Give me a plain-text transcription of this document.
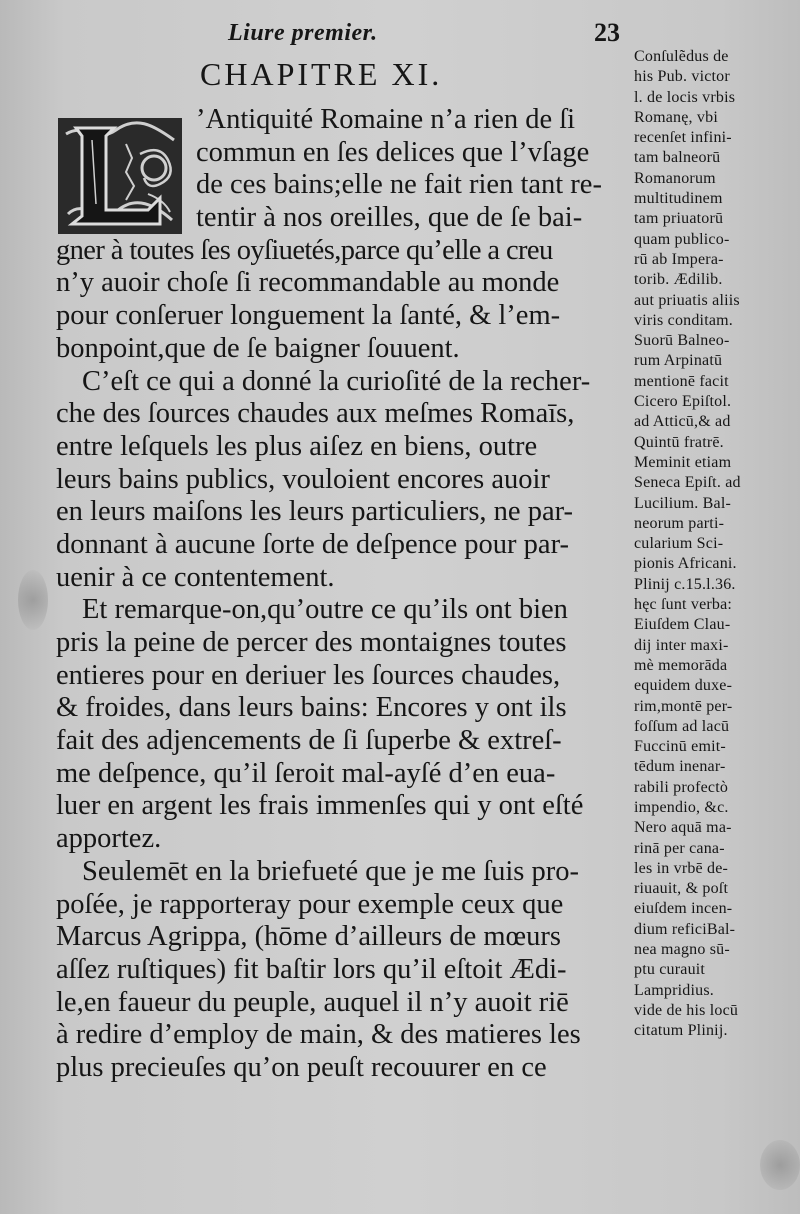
Liure premier.	23
CHAPITRE XI.
’Antiquité Romaine n’a rien de ſi
commun en ſes delices que l’vſage
de ces bains;elle ne fait rien tant re-
tentir à nos oreilles, que de ſe bai-
gner à toutes ſes oyſiuetés,parce qu’elle a creu
n’y auoir choſe ſi recommandable au monde
pour conſeruer longuement la ſanté, & l’em-
bonpoint,que de ſe baigner ſouuent.
C’eſt ce qui a donné la curioſité de la recher-
che des ſources chaudes aux meſmes Romaīs,
entre leſquels les plus aiſez en biens, outre
leurs bains publics, vouloient encores auoir
en leurs maiſons les leurs particuliers, ne par-
donnant à aucune ſorte de deſpence pour par-
uenir à ce contentement.
Et remarque-on,qu’outre ce qu’ils ont bien
pris la peine de percer des montaignes toutes
entieres pour en deriuer les ſources chaudes,
& froides, dans leurs bains: Encores y ont ils
fait des adjencements de ſi ſuperbe & extreſ-
me deſpence, qu’il ſeroit mal-ayſé d’en eua-
luer en argent les frais immenſes qui y ont eſté
apportez.
Seulemēt en la briefueté que je me ſuis pro-
poſée, je rapporteray pour exemple ceux que
Marcus Agrippa, (hōme d’ailleurs de mœurs
aſſez ruſtiques) fit baſtir lors qu’il eſtoit Ædi-
le,en faueur du peuple, auquel il n’y auoit riē
à redire d’employ de main, & des matieres les
plus precieuſes qu’on peuſt recouurer en ce
Conſulẽdus de
his Pub. victor
l. de locis vrbis
Romanę, vbi
recenſet infini-
tam balneorū
Romanorum
multitudinem
tam priuatorū
quam publico-
rū ab Impera-
torib. Ædilib.
aut priuatis aliis
viris conditam.
Suorū Balneo-
rum Arpinatū
mentionē facit
Cicero Epiſtol.
ad Atticū,& ad
Quintū fratrē.
Meminit etiam
Seneca Epiſt. ad
Lucilium. Bal-
neorum parti-
cularium Sci-
pionis Africani.
Plinij c.15.l.36.
hęc ſunt verba:
Eiuſdem Clau-
dij inter maxi-
mè memorāda
equidem duxe-
rim,montē per-
foſſum ad lacū
Fuccinū emit-
tēdum inenar-
rabili profectò
impendio, &c.
Nero aquā ma-
rinā per cana-
les in vrbē de-
riuauit, & poſt
eiuſdem incen-
dium reficiBal-
nea magno sū-
ptu curauit
Lampridius.
vide de his locū
citatum Plinij.
